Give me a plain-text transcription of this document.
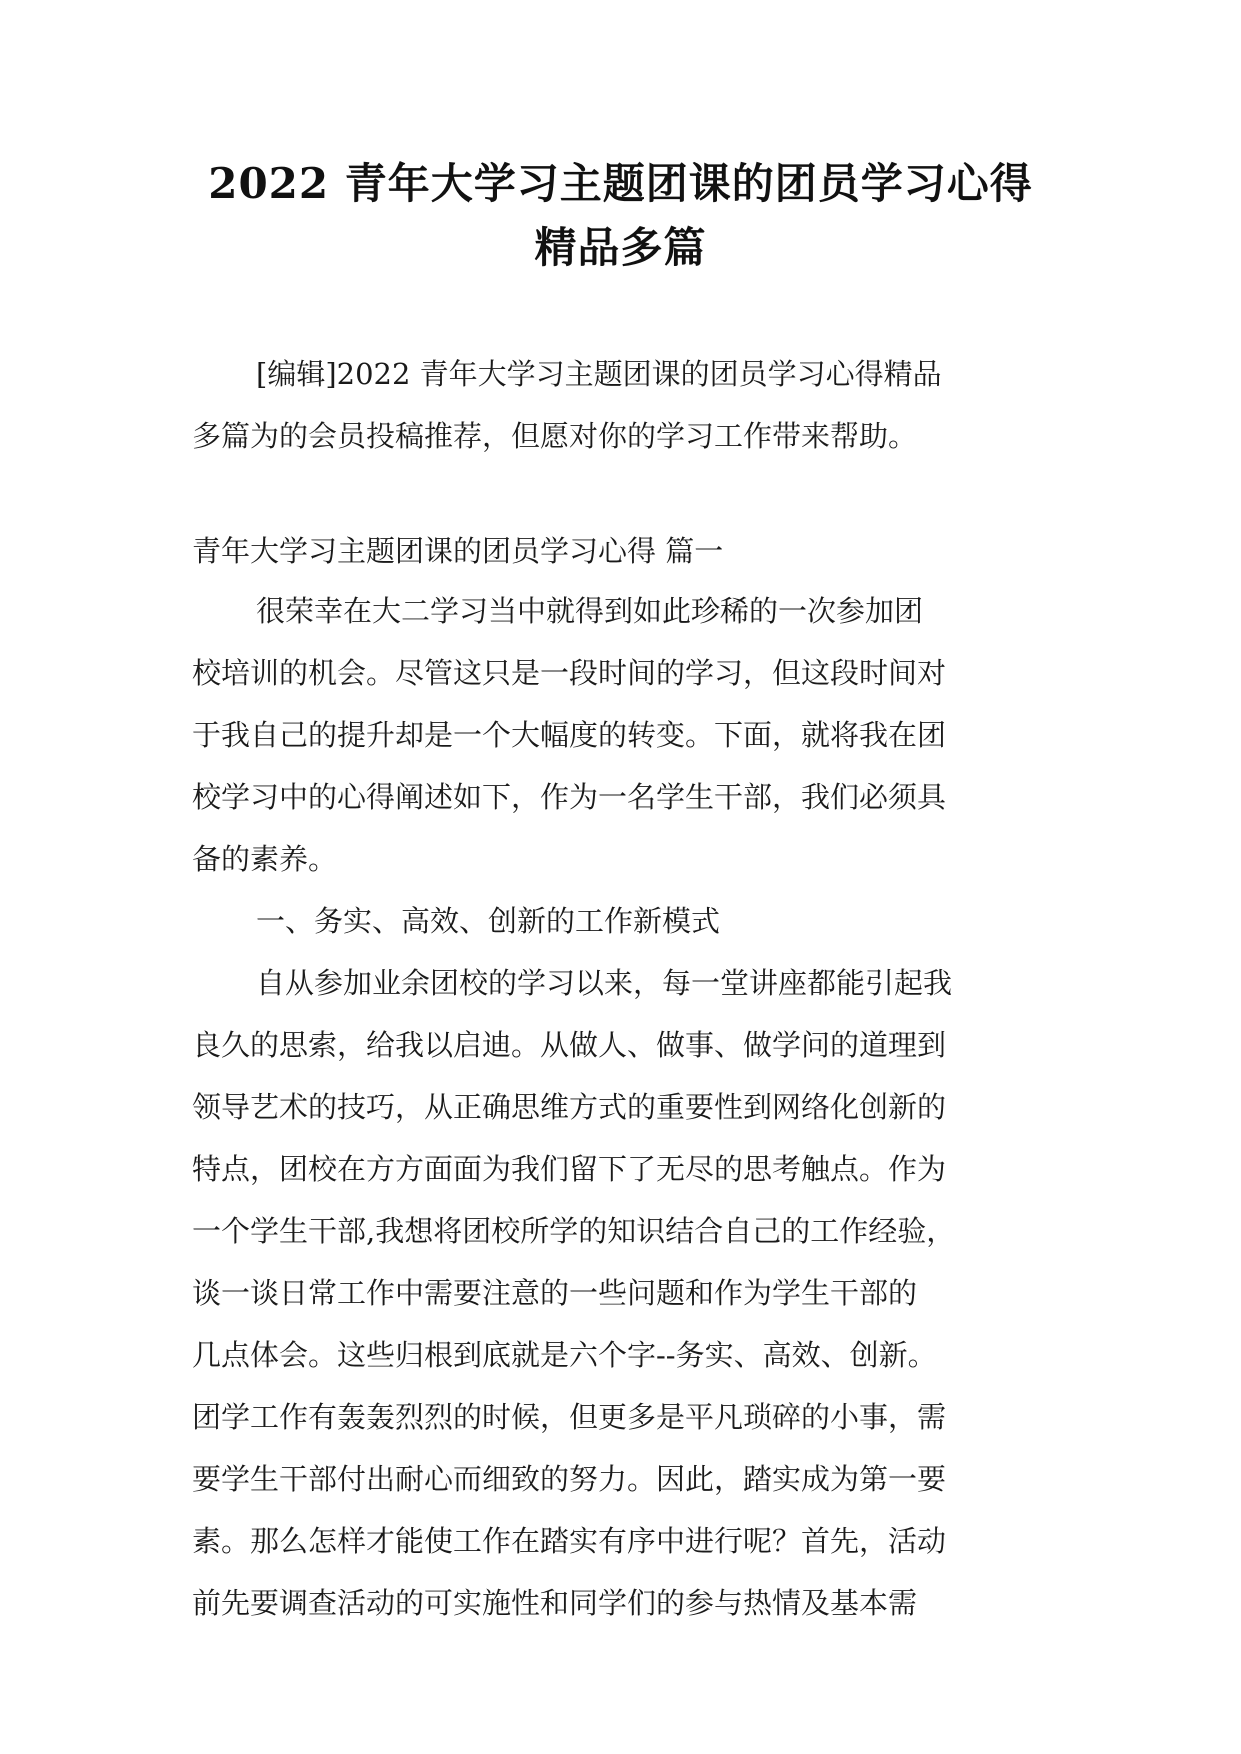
2022 青年大学习主题团课的团员学习心得
精品多篇
[编辑]2022 青年大学习主题团课的团员学习心得精品
多篇为的会员投稿推荐，但愿对你的学习工作带来帮助。
青年大学习主题团课的团员学习心得 篇一
很荣幸在大二学习当中就得到如此珍稀的一次参加团
校培训的机会。尽管这只是一段时间的学习，但这段时间对
于我自己的提升却是一个大幅度的转变。下面，就将我在团
校学习中的心得阐述如下，作为一名学生干部，我们必须具
备的素养。
一、务实、高效、创新的工作新模式
自从参加业余团校的学习以来，每一堂讲座都能引起我
良久的思索，给我以启迪。从做人、做事、做学问的道理到
领导艺术的技巧，从正确思维方式的重要性到网络化创新的
特点，团校在方方面面为我们留下了无尽的思考触点。作为
一个学生干部,我想将团校所学的知识结合自己的工作经验，
谈一谈日常工作中需要注意的一些问题和作为学生干部的
几点体会。这些归根到底就是六个字--务实、高效、创新。
团学工作有轰轰烈烈的时候，但更多是平凡琐碎的小事，需
要学生干部付出耐心而细致的努力。因此，踏实成为第一要
素。那么怎样才能使工作在踏实有序中进行呢？首先，活动
前先要调查活动的可实施性和同学们的参与热情及基本需
